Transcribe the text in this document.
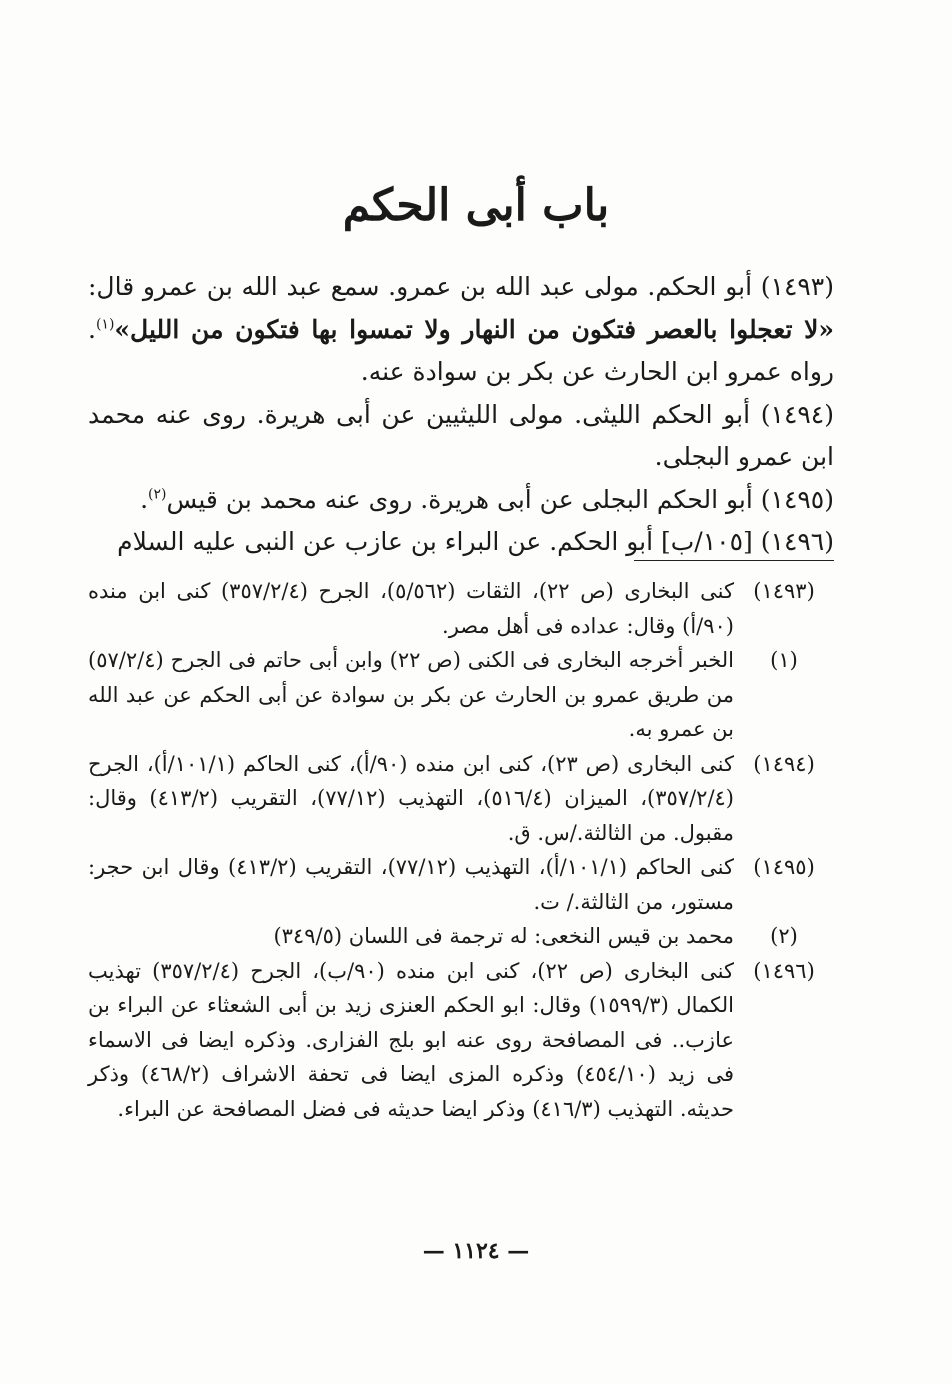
باب أبى الحكم

(١٤٩٣) أبو الحكم. مولى عبد الله بن عمرو. سمع عبد الله بن عمرو قال: «لا تعجلوا بالعصر فتكون من النهار ولا تمسوا بها فتكون من الليل»$^{(١)}$. رواه عمرو ابن الحارث عن بكر بن سوادة عنه.

(١٤٩٤) أبو الحكم الليثى. مولى الليثيين عن أبى هريرة. روى عنه محمد ابن عمرو البجلى.

(١٤٩٥) أبو الحكم البجلى عن أبى هريرة. روى عنه محمد بن قيس$^{(٢)}$.

(١٤٩٦) [١٠٥/ب] أبو الحكم. عن البراء بن عازب عن النبى عليه السلام

(١٤٩٣)
كنى البخارى (ص ٢٢)، الثقات (٥/٥٦٢)، الجرح (٣٥٧/٢/٤) كنى ابن منده (٩٠/أ) وقال: عداده فى أهل مصر.
(١)
الخبر أخرجه البخارى فى الكنى (ص ٢٢) وابن أبى حاتم فى الجرح (٥٧/٢/٤) من طريق عمرو بن الحارث عن بكر بن سوادة عن أبى الحكم عن عبد الله بن عمرو به.
(١٤٩٤)
كنى البخارى (ص ٢٣)، كنى ابن منده (٩٠/أ)، كنى الحاكم (١٠١/١/أ)، الجرح (٣٥٧/٢/٤)، الميزان (٥١٦/٤)، التهذيب (٧٧/١٢)، التقريب (٤١٣/٢) وقال: مقبول. من الثالثة./س. ق.
(١٤٩٥)
كنى الحاكم (١٠١/١/أ)، التهذيب (٧٧/١٢)، التقريب (٤١٣/٢) وقال ابن حجر: مستور، من الثالثة./ ت.
(٢)
محمد بن قيس النخعى: له ترجمة فى اللسان (٣٤٩/٥)
(١٤٩٦)
كنى البخارى (ص ٢٢)، كنى ابن منده (٩٠/ب)، الجرح (٣٥٧/٢/٤) تهذيب الكمال (١٥٩٩/٣) وقال: ابو الحكم العنزى زيد بن أبى الشعثاء عن البراء بن عازب.. فى المصافحة روى عنه ابو بلج الفزارى. وذكره ايضا فى الاسماء فى زيد (٤٥٤/١٠) وذكره المزى ايضا فى تحفة الاشراف (٤٦٨/٢) وذكر حديثه. التهذيب (٤١٦/٣) وذكر ايضا حديثه فى فضل المصافحة عن البراء.
— ١١٢٤ —
